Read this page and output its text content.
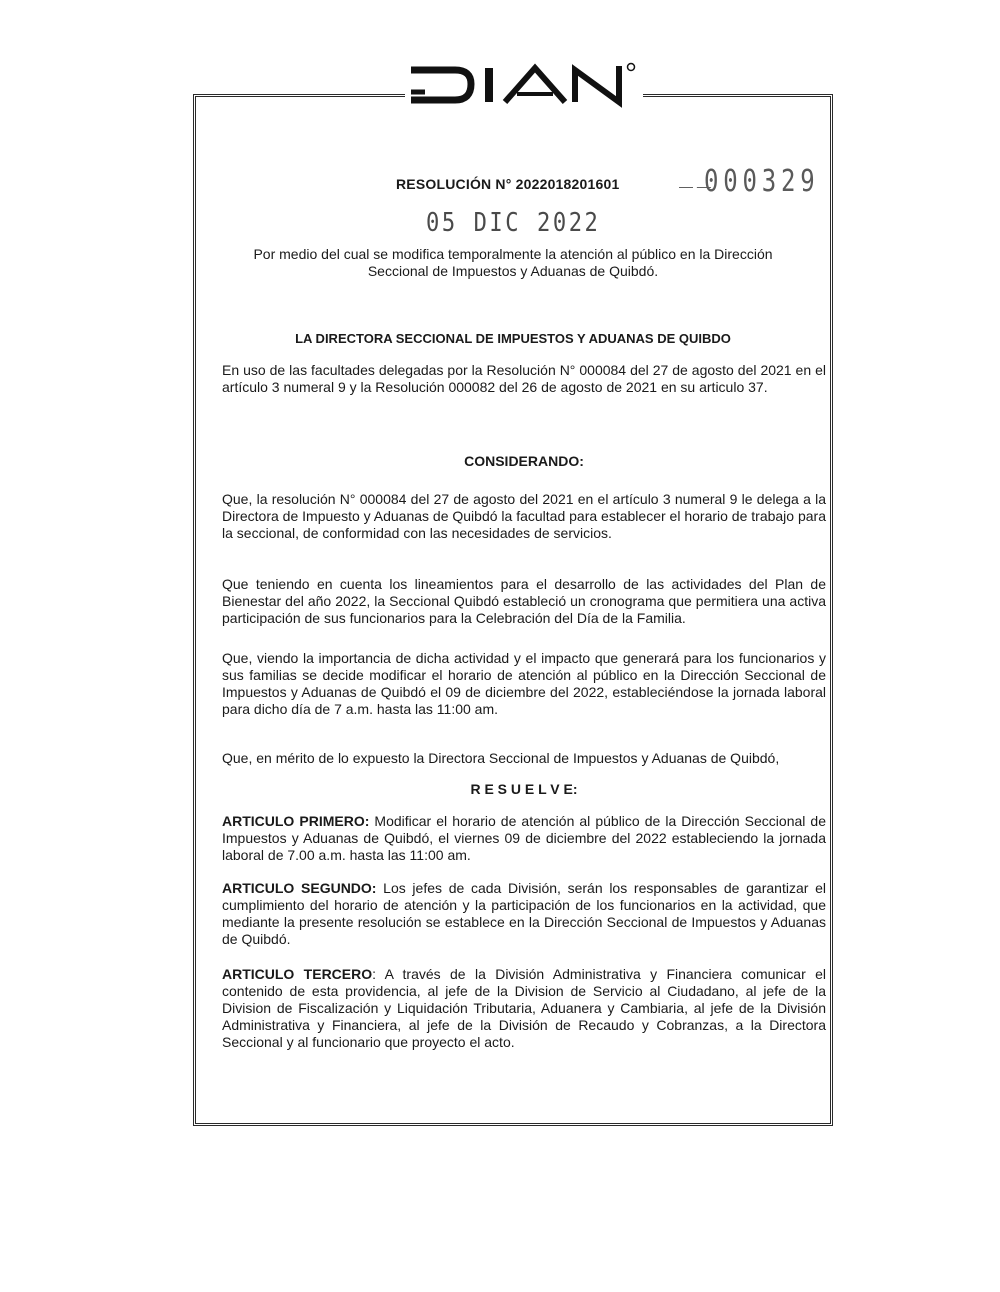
RESOLUCIÓN N° 2022018201601	— —
000329
05 DIC 2022
Por medio del cual se modifica temporalmente la atención al público en la Dirección Seccional de Impuestos y Aduanas de Quibdó.
LA DIRECTORA SECCIONAL DE IMPUESTOS Y ADUANAS DE QUIBDO
En uso de las facultades delegadas por la Resolución N° 000084 del 27 de agosto del 2021 en el artículo 3 numeral 9 y la Resolución 000082 del 26 de agosto de 2021 en su articulo 37.
CONSIDERANDO:
Que, la resolución N° 000084 del 27 de agosto del 2021 en el artículo 3 numeral 9 le delega a la Directora de Impuesto y Aduanas de Quibdó la facultad para establecer el horario de trabajo para la seccional, de conformidad con las necesidades de servicios.
Que teniendo en cuenta los lineamientos para el desarrollo de las actividades del Plan de Bienestar del año 2022, la Seccional Quibdó estableció un cronograma que permitiera una activa participación de sus funcionarios para la Celebración del Día de la Familia.
Que, viendo la importancia de dicha actividad y el impacto que generará para los funcionarios y sus familias se decide modificar el horario de atención al público en la Dirección Seccional de Impuestos y Aduanas de Quibdó el 09 de diciembre del 2022, estableciéndose la jornada laboral para dicho día de 7 a.m. hasta las 11:00 am.
Que, en mérito de lo expuesto la Directora Seccional de Impuestos y Aduanas de Quibdó,
R E S U E L V E:
ARTICULO PRIMERO: Modificar el horario de atención al público de la Dirección Seccional de Impuestos y Aduanas de Quibdó, el viernes 09 de diciembre del 2022 estableciendo la jornada laboral de 7.00 a.m. hasta las 11:00 am.
ARTICULO SEGUNDO: Los jefes de cada División, serán los responsables de garantizar el cumplimiento del horario de atención y la participación de los funcionarios en la actividad, que mediante la presente resolución se establece en la Dirección Seccional de Impuestos y Aduanas de Quibdó.
ARTICULO TERCERO: A través de la División Administrativa y Financiera comunicar el contenido de esta providencia, al jefe de la Division de Servicio al Ciudadano, al jefe de la Division de Fiscalización y Liquidación Tributaria, Aduanera y Cambiaria, al jefe de la División Administrativa y Financiera, al jefe de la División de Recaudo y Cobranzas, a la Directora Seccional y al funcionario que proyecto el acto.
